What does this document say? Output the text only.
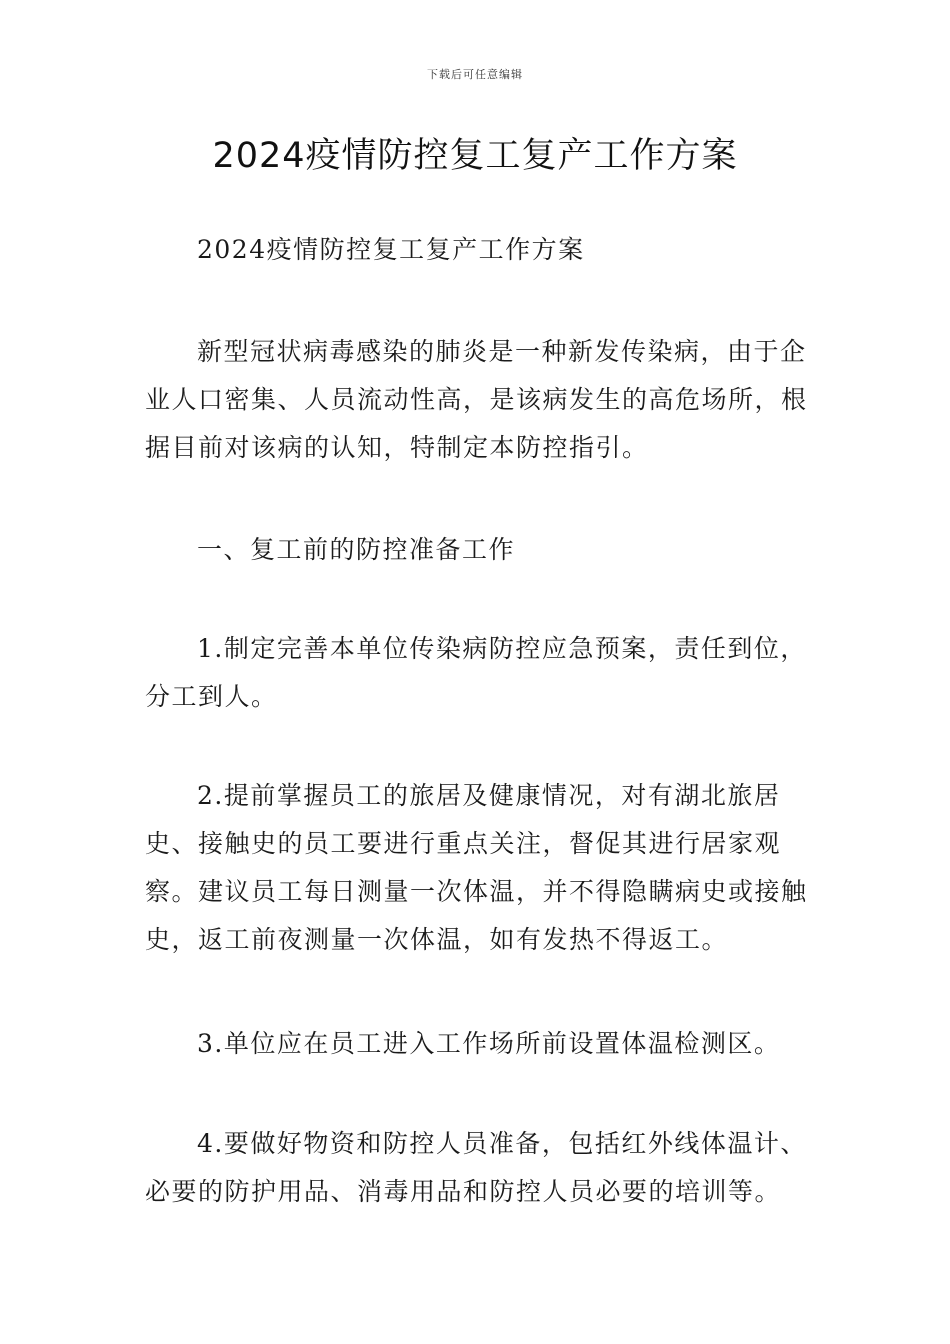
下载后可任意编辑
2024疫情防控复工复产工作方案

2024疫情防控复工复产工作方案

新型冠状病毒感染的肺炎是一种新发传染病，由于企业人口密集、人员流动性高，是该病发生的高危场所，根据目前对该病的认知，特制定本防控指引。

一、复工前的防控准备工作

1.制定完善本单位传染病防控应急预案，责任到位，分工到人。

2.提前掌握员工的旅居及健康情况，对有湖北旅居史、接触史的员工要进行重点关注，督促其进行居家观察。建议员工每日测量一次体温，并不得隐瞒病史或接触史，返工前夜测量一次体温，如有发热不得返工。

3.单位应在员工进入工作场所前设置体温检测区。

4.要做好物资和防控人员准备，包括红外线体温计、必要的防护用品、消毒用品和防控人员必要的培训等。
